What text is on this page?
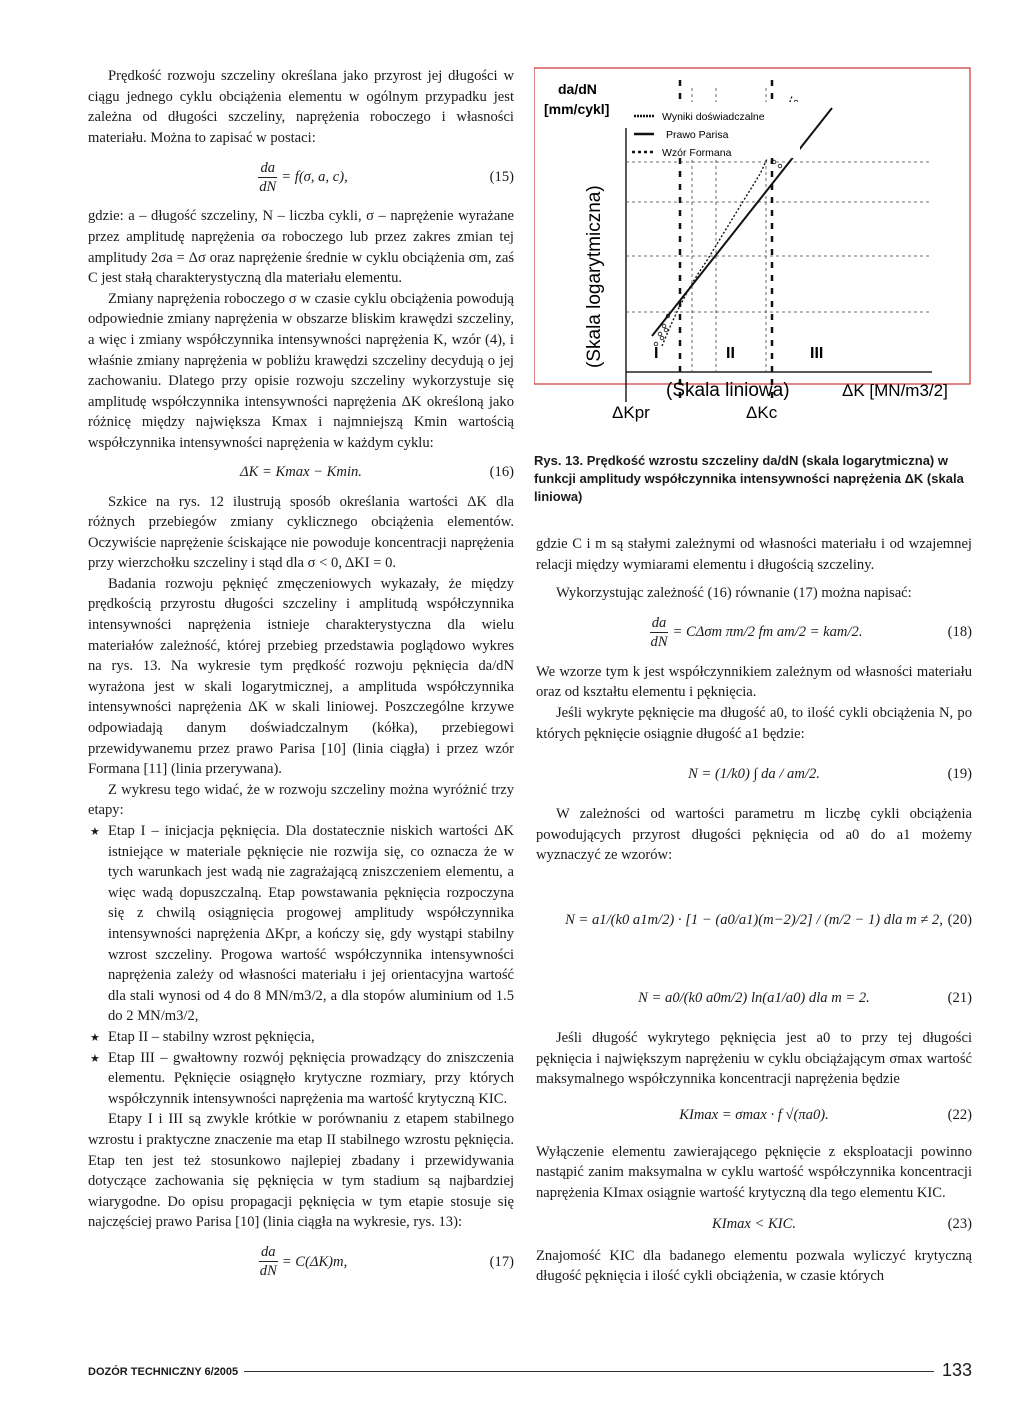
Prędkość rozwoju szczeliny określana jako przyrost jej długości w ciągu jednego cyklu obciążenia elementu w ogólnym przypadku jest zależna od długości szczeliny, naprężenia roboczego i własności materiału. Można to zapisać w postaci:

$\frac{da}{dN} = f(\sigma$, a, c),	(15)

gdzie: a – długość szczeliny, N – liczba cykli, σ – naprężenie wyrażane przez amplitudę naprężenia σa roboczego lub przez zakres zmian tej amplitudy 2σa = Δσ oraz naprężenie średnie w cyklu obciążenia σm, zaś C jest stałą charakterystyczną dla materiału elementu.

Zmiany naprężenia roboczego σ w czasie cyklu obciążenia powodują odpowiednie zmiany naprężenia w obszarze bliskim krawędzi szczeliny, a więc i zmiany współczynnika intensywności naprężenia K, wzór (4), i właśnie zmiany naprężenia w pobliżu krawędzi szczeliny decydują o jej zachowaniu. Dlatego przy opisie rozwoju szczeliny wykorzystuje się amplitudę współczynnika intensywności naprężenia ΔK określoną jako różnicę między największa Kmax i najmniejszą Kmin wartością współczynnika intensywności naprężenia w każdym cyklu:

ΔK = Kmax − Kmin.	(16)

Szkice na rys. 12 ilustrują sposób określania wartości ΔK dla różnych przebiegów zmiany cyklicznego obciążenia elementów. Oczywiście naprężenie ściskające nie powoduje koncentracji naprężenia przy wierzchołku szczeliny i stąd dla σ < 0, ΔKI = 0.

Badania rozwoju pęknięć zmęczeniowych wykazały, że między prędkością przyrostu długości szczeliny i amplitudą współczynnika intensywności naprężenia istnieje charakterystyczna dla wielu materiałów zależność, której przebieg przedstawia poglądowo wykres na rys. 13. Na wykresie tym prędkość rozwoju pęknięcia da/dN wyrażona jest w skali logarytmicznej, a amplituda współczynnika intensywności naprężenia ΔK w skali liniowej. Poszczególne krzywe odpowiadają danym doświadczalnym (kółka), przebiegowi przewidywanemu przez prawo Parisa [10] (linia ciągła) i przez wzór Formana [11] (linia przerywana).

Z wykresu tego widać, że w rozwoju szczeliny można wyróżnić trzy etapy:

★ Etap I – inicjacja pęknięcia. Dla dostatecznie niskich wartości ΔK istniejące w materiale pęknięcie nie rozwija się, co oznacza że w tych warunkach jest wadą nie zagrażającą zniszczeniem elementu, a więc wadą dopuszczalną. Etap powstawania pęknięcia rozpoczyna się z chwilą osiągnięcia progowej amplitudy współczynnika intensywności naprężenia ΔKpr, a kończy się, gdy wystąpi stabilny wzrost szczeliny. Progowa wartość współczynnika intensywności naprężenia zależy od własności materiału i jej orientacyjna wartość dla stali wynosi od 4 do 8 MN/m3/2, a dla stopów aluminium od 1.5 do 2 MN/m3/2,
★ Etap II – stabilny wzrost pęknięcia,
★ Etap III – gwałtowny rozwój pęknięcia prowadzący do zniszczenia elementu. Pęknięcie osiągnęło krytyczne rozmiary, przy których współczynnik intensywności naprężenia ma wartość krytyczną KIC.

Etapy I i III są zwykle krótkie w porównaniu z etapem stabilnego wzrostu i praktyczne znaczenie ma etap II stabilnego wzrostu pęknięcia. Etap ten jest też stosunkowo najlepiej zbadany i przewidywania dotyczące zachowania się pęknięcia w tym stadium są najbardziej wiarygodne. Do opisu propagacji pęknięcia w tym etapie stosuje się najczęściej prawo Parisa [10] (linia ciągła na wykresie, rys. 13):

$\frac{da}{dN} = C(\Delta K)m$,	(17)
da/dN
[mm/cykl]
(Skala logarytmiczna)
Wyniki doświadczalne
Prawo Parisa
Wzór Formana
I	II	III
(Skala liniowa)	ΔK [MN/m3/2]
ΔKpr	ΔKc
Rys. 13. Prędkość wzrostu szczeliny da/dN (skala logarytmiczna) w funkcji amplitudy współczynnika intensywności naprężenia ΔK (skala liniowa)

gdzie C i m są stałymi zależnymi od własności materiału i od wzajemnej relacji między wymiarami elementu i długością szczeliny.

Wykorzystując zależność (16) równanie (17) można napisać:

$\frac{da}{dN} = C\Delta\sigma m$ πm/2 fm am/2 = kam/2.	(18)

We wzorze tym k jest współczynnikiem zależnym od własności materiału oraz od kształtu elementu i pęknięcia.

Jeśli wykryte pęknięcie ma długość a0, to ilość cykli obciążenia N, po których pęknięcie osiągnie długość a1 będzie:

N = (1/k0) ∫ da / am/2.	(19)

W zależności od wartości parametru m liczbę cykli obciążenia powodujących przyrost długości pęknięcia od a0 do a1 możemy wyznaczyć ze wzorów:

N = a1/(k0 a1m/2) · [1 − (a0/a1)(m−2)/2] / (m/2 − 1) dla m ≠ 2, (20)
N = a0/(k0 a0m/2) ln(a1/a0) dla m = 2.	(21)

Jeśli długość wykrytego pęknięcia jest a0 to przy tej długości pęknięcia i największym naprężeniu w cyklu obciążającym σmax wartość maksymalnego współczynnika koncentracji naprężenia będzie

KImax = σmax · f √(πa0).	(22)

Wyłączenie elementu zawierającego pęknięcie z eksploatacji powinno nastąpić zanim maksymalna w cyklu wartość współczynnika koncentracji naprężenia KImax osiągnie wartość krytyczną dla tego elementu KIC.

KImax < KIC.	(23)

Znajomość KIC dla badanego elementu pozwala wyliczyć krytyczną długość pęknięcia i ilość cykli obciążenia, w czasie których

DOZÓR TECHNICZNY 6/2005	133
